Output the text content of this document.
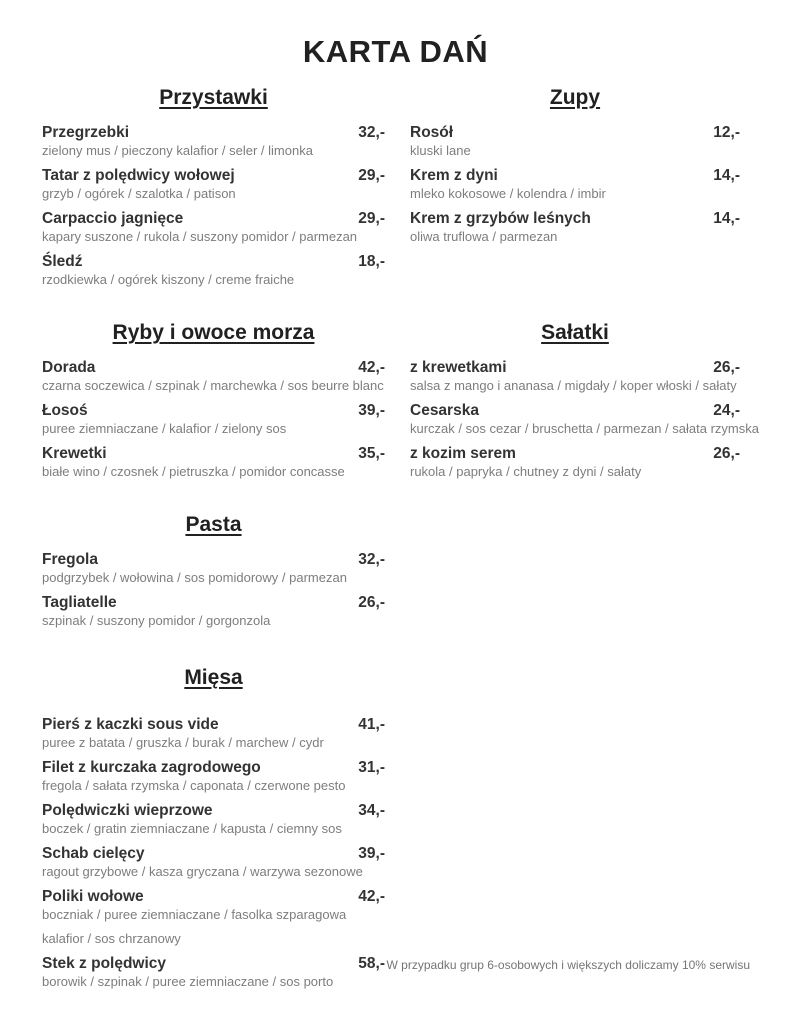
KARTA DAŃ
Przystawki
Przegrzebki	32,-
zielony mus / pieczony kalafior / seler / limonka
Tatar z polędwicy wołowej	29,-
grzyb / ogórek / szalotka / patison
Carpaccio jagnięce	29,-
kapary suszone / rukola / suszony pomidor / parmezan
Śledź	18,-
rzodkiewka / ogórek kiszony / creme fraiche
Zupy
Rosół	12,-
kluski lane
Krem z dyni	14,-
mleko kokosowe / kolendra / imbir
Krem z grzybów leśnych	14,-
oliwa truflowa / parmezan
Ryby i owoce morza
Dorada	42,-
czarna soczewica / szpinak / marchewka / sos beurre blanc
Łosoś	39,-
puree ziemniaczane / kalafior / zielony sos
Krewetki	35,-
białe wino / czosnek / pietruszka / pomidor concasse
Sałatki
z krewetkami	26,-
salsa z mango i ananasa / migdały / koper włoski / sałaty
Cesarska	24,-
kurczak / sos cezar / bruschetta / parmezan / sałata rzymska
z kozim serem	26,-
rukola / papryka / chutney z dyni / sałaty
Pasta
Fregola	32,-
podgrzybek / wołowina / sos pomidorowy / parmezan
Tagliatelle	26,-
szpinak / suszony pomidor / gorgonzola
Mięsa
Pierś z kaczki sous vide	41,-
puree z batata / gruszka / burak / marchew / cydr
Filet z kurczaka zagrodowego	31,-
fregola / sałata rzymska / caponata / czerwone pesto
Polędwiczki wieprzowe	34,-
boczek / gratin ziemniaczane / kapusta / ciemny sos
Schab cielęcy	39,-
ragout grzybowe / kasza gryczana / warzywa sezonowe
Poliki wołowe	42,-
boczniak / puree ziemniaczane / fasolka szparagowa
kalafior / sos chrzanowy
Stek z polędwicy	58,-
borowik / szpinak / puree ziemniaczane / sos porto
W przypadku grup 6-osobowych i większych doliczamy 10% serwisu
